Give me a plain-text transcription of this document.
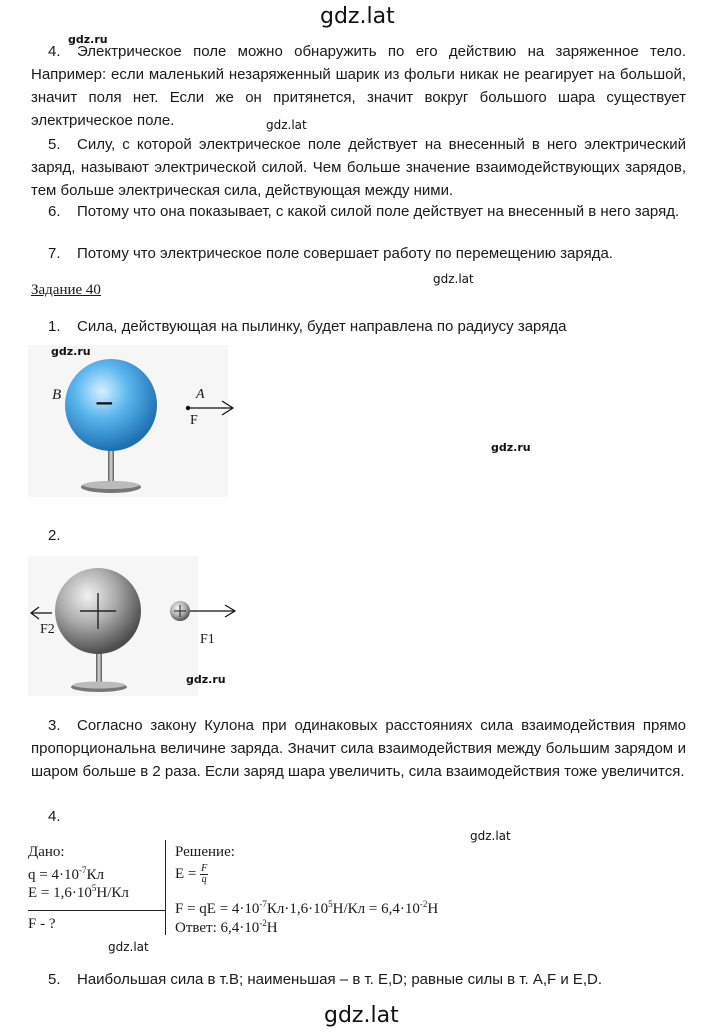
gdz.lat
gdz.ru
4. Электрическое поле можно обнаружить по его действию на заряженное тело. Например: если маленький незаряженный шарик из фольги никак не реагирует на большой, значит поля нет. Если же он притянется, значит вокруг большого шара существует электрическое поле.	gdz.lat
5. Силу, с которой электрическое поле действует на внесенный в него электрический заряд, называют электрической силой. Чем больше значение взаимодействующих зарядов, тем больше электрическая сила, действующая между ними.
6. Потому что она показывает, с какой силой поле действует на внесенный в него заряд.
7. Потому что электрическое поле совершает работу по перемещению заряда.
Задание 40
gdz.lat
1. Сила, действующая на пылинку, будет направлена по радиусу заряда
gdz.ru
B −	A
F
gdz.ru
2.
F2
F1
gdz.ru
3. Согласно закону Кулона при одинаковых расстояниях сила взаимодействия прямо пропорциональна величине заряда. Значит сила взаимодействия между большим зарядом и шаром больше в 2 раза. Если заряд шара увеличить, сила взаимодействия тоже увеличится.
4.
gdz.lat
Дано:
$q = 4\cdot 10^{-7}Кл$
$E = 1,6\cdot 10^5Н/Кл$
F - ?
Решение:
$E = \frac{F}{q}$
F = qE = $4\cdot 10^{-7}Кл\cdot 1,6\cdot 10^5Н/Кл = 6,4\cdot 10^{-2}Н$
Ответ: $6,4\cdot 10^{-2}Н$
gdz.lat
5. Наибольшая сила в т.В; наименьшая – в т. Е,D; равные силы в т. А,F и Е,D.
gdz.lat
